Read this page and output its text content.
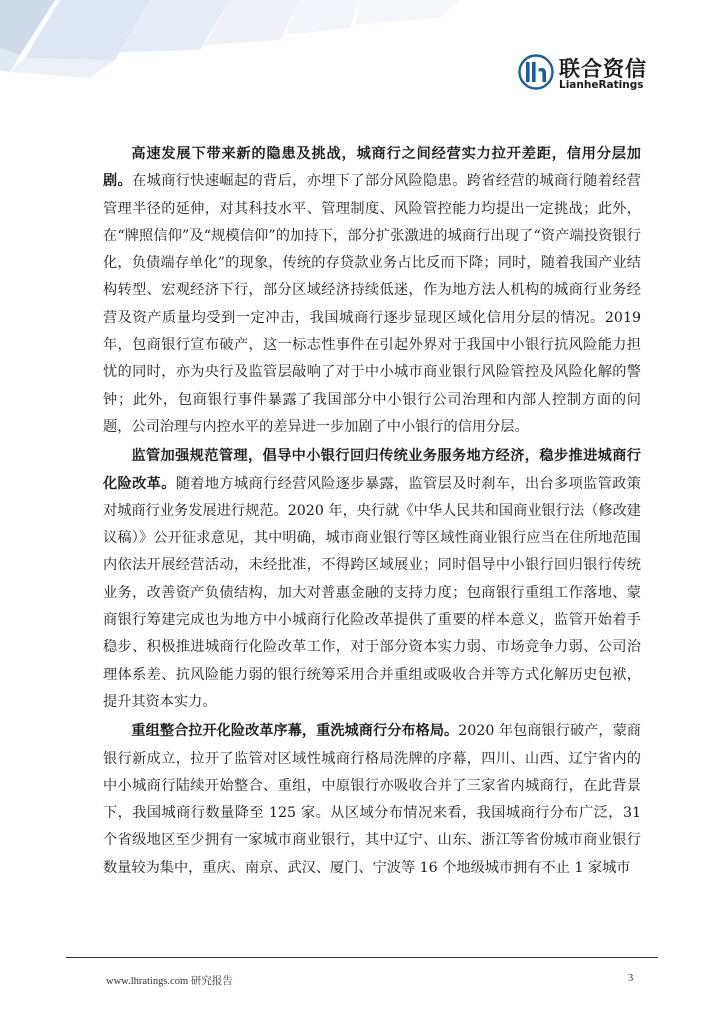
联合资信
LianheRatings

高速发展下带来新的隐患及挑战，城商行之间经营实力拉开差距，信用分层加剧。在城商行快速崛起的背后，亦埋下了部分风险隐患。跨省经营的城商行随着经营管理半径的延伸，对其科技水平、管理制度、风险管控能力均提出一定挑战；此外，在“牌照信仰”及“规模信仰”的加持下，部分扩张激进的城商行出现了“资产端投资银行化，负债端存单化”的现象，传统的存贷款业务占比反而下降；同时，随着我国产业结构转型、宏观经济下行，部分区域经济持续低迷，作为地方法人机构的城商行业务经营及资产质量均受到一定冲击，我国城商行逐步显现区域化信用分层的情况。2019 年，包商银行宣布破产，这一标志性事件在引起外界对于我国中小银行抗风险能力担忧的同时，亦为央行及监管层敲响了对于中小城市商业银行风险管控及风险化解的警钟；此外，包商银行事件暴露了我国部分中小银行公司治理和内部人控制方面的问题，公司治理与内控水平的差异进一步加剧了中小银行的信用分层。

监管加强规范管理，倡导中小银行回归传统业务服务地方经济，稳步推进城商行化险改革。随着地方城商行经营风险逐步暴露，监管层及时刹车，出台多项监管政策对城商行业务发展进行规范。2020 年，央行就《中华人民共和国商业银行法（修改建议稿）》公开征求意见，其中明确，城市商业银行等区域性商业银行应当在住所地范围内依法开展经营活动，未经批准，不得跨区域展业；同时倡导中小银行回归银行传统业务，改善资产负债结构，加大对普惠金融的支持力度；包商银行重组工作落地、蒙商银行筹建完成也为地方中小城商行化险改革提供了重要的样本意义，监管开始着手稳步、积极推进城商行化险改革工作，对于部分资本实力弱、市场竞争力弱、公司治理体系差、抗风险能力弱的银行统筹采用合并重组或吸收合并等方式化解历史包袱，提升其资本实力。

重组整合拉开化险改革序幕，重洗城商行分布格局。2020 年包商银行破产，蒙商银行新成立，拉开了监管对区域性城商行格局洗牌的序幕，四川、山西、辽宁省内的中小城商行陆续开始整合、重组，中原银行亦吸收合并了三家省内城商行，在此背景下，我国城商行数量降至 125 家。从区域分布情况来看，我国城商行分布广泛，31 个省级地区至少拥有一家城市商业银行，其中辽宁、山东、浙江等省份城市商业银行数量较为集中，重庆、南京、武汉、厦门、宁波等 16 个地级城市拥有不止 1 家城市

www.lhratings.com 研究报告	3
